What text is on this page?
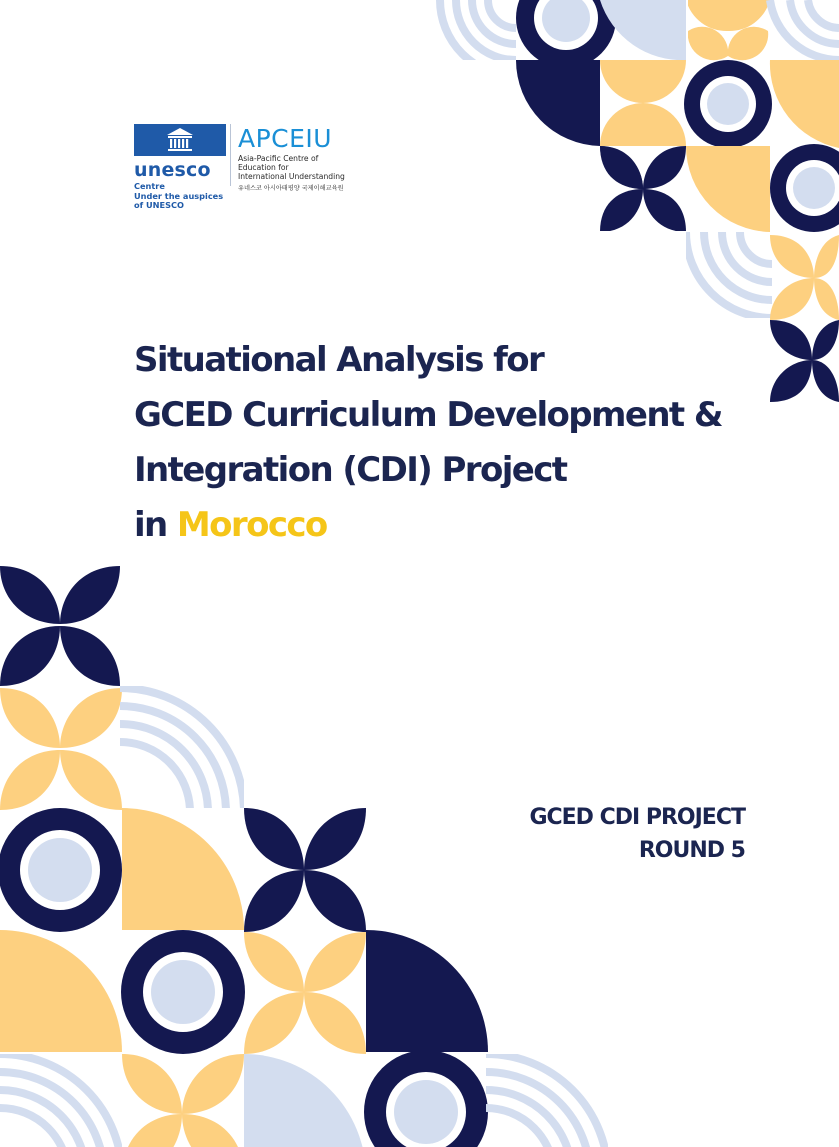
unesco
Centre
Under the auspices
of UNESCO
APCEIU
Asia-Pacific Centre of
Education for
International Understanding
유네스코 아시아태평양 국제이해교육원
Situational Analysis for
GCED Curriculum Development &
Integration (CDI) Project
in Morocco
GCED CDI PROJECT
ROUND 5
